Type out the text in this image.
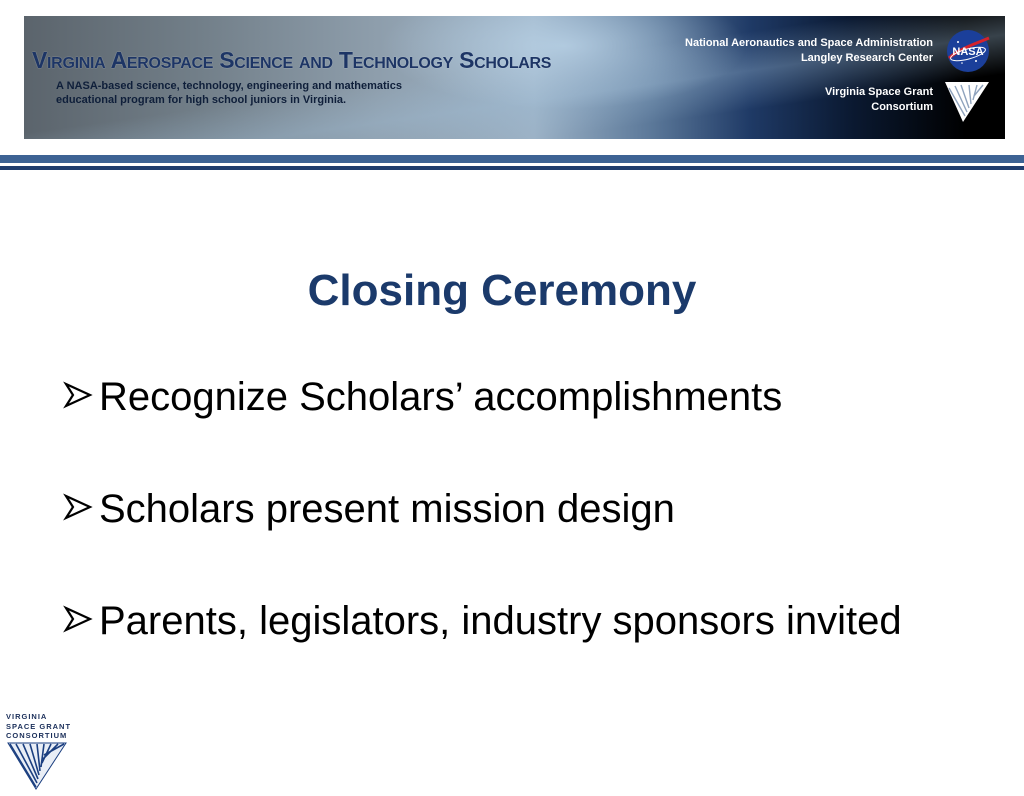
Virginia Aerospace Science and Technology Scholars
A NASA-based science, technology, engineering and mathematics
educational program for high school juniors in Virginia.
National Aeronautics and Space Administration
Langley Research Center NASA
Virginia Space Grant
Consortium
Closing Ceremony
Recognize Scholars’ accomplishments
Scholars present mission design
Parents, legislators, industry sponsors invited
VIRGINIA
SPACE GRANT
CONSORTIUM
